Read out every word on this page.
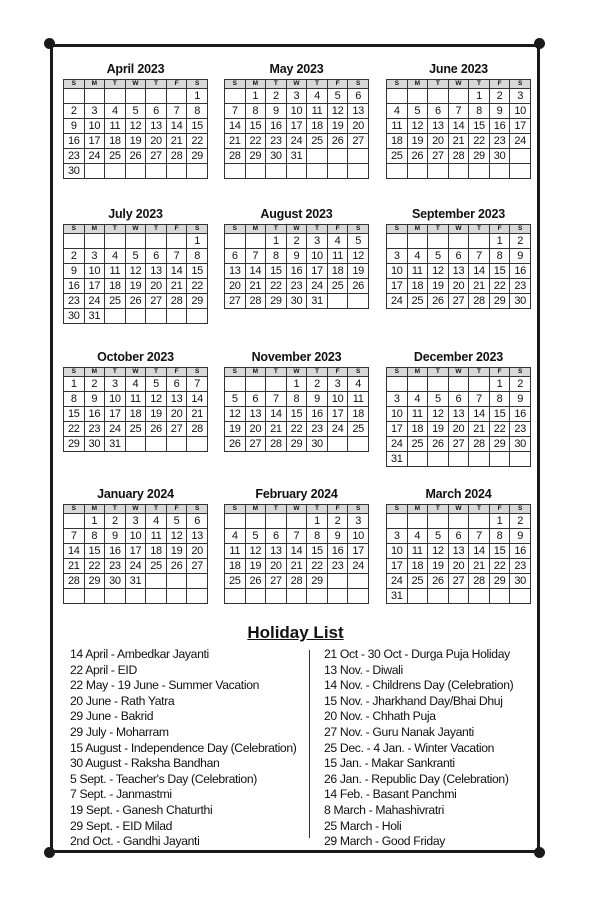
April 2023
S	M	T	W	T	F	S
						1
2	3	4	5	6	7	8
9	10	11	12	13	14	15
16	17	18	19	20	21	22
23	24	25	26	27	28	29
30						
May 2023
S	M	T	W	T	F	S
	1	2	3	4	5	6
7	8	9	10	11	12	13
14	15	16	17	18	19	20
21	22	23	24	25	26	27
28	29	30	31			

June 2023
S	M	T	W	T	F	S
				1	2	3
4	5	6	7	8	9	10
11	12	13	14	15	16	17
18	19	20	21	22	23	24
25	26	27	28	29	30	

July 2023
S	M	T	W	T	F	S
						1
2	3	4	5	6	7	8
9	10	11	12	13	14	15
16	17	18	19	20	21	22
23	24	25	26	27	28	29
30	31					
August 2023
S	M	T	W	T	F	S
		1	2	3	4	5
6	7	8	9	10	11	12
13	14	15	16	17	18	19
20	21	22	23	24	25	26
27	28	29	30	31		
September 2023
S	M	T	W	T	F	S
					1	2
3	4	5	6	7	8	9
10	11	12	13	14	15	16
17	18	19	20	21	22	23
24	25	26	27	28	29	30
October 2023
S	M	T	W	T	F	S
1	2	3	4	5	6	7
8	9	10	11	12	13	14
15	16	17	18	19	20	21
22	23	24	25	26	27	28
29	30	31				
November 2023
S	M	T	W	T	F	S
			1	2	3	4
5	6	7	8	9	10	11
12	13	14	15	16	17	18
19	20	21	22	23	24	25
26	27	28	29	30		
December 2023
S	M	T	W	T	F	S
					1	2
3	4	5	6	7	8	9
10	11	12	13	14	15	16
17	18	19	20	21	22	23
24	25	26	27	28	29	30
31						
January 2024
S	M	T	W	T	F	S
	1	2	3	4	5	6
7	8	9	10	11	12	13
14	15	16	17	18	19	20
21	22	23	24	25	26	27
28	29	30	31			

February 2024
S	M	T	W	T	F	S
				1	2	3
4	5	6	7	8	9	10
11	12	13	14	15	16	17
18	19	20	21	22	23	24
25	26	27	28	29		

March 2024
S	M	T	W	T	F	S
					1	2
3	4	5	6	7	8	9
10	11	12	13	14	15	16
17	18	19	20	21	22	23
24	25	26	27	28	29	30
31						
Holiday List
14 April - Ambedkar Jayanti
22 April - EID
22 May - 19 June - Summer Vacation
20 June - Rath Yatra
29 June - Bakrid
29 July - Moharram
15 August - Independence Day (Celebration)
30 August - Raksha Bandhan
5 Sept. - Teacher's Day (Celebration)
7 Sept. - Janmastmi
19 Sept. - Ganesh Chaturthi
29 Sept. - EID Milad
2nd Oct. - Gandhi Jayanti
21 Oct - 30 Oct - Durga Puja Holiday
13 Nov. - Diwali
14 Nov. - Childrens Day (Celebration)
15 Nov. - Jharkhand Day/Bhai Dhuj
20 Nov. - Chhath Puja
27 Nov. - Guru Nanak Jayanti
25 Dec. - 4 Jan. - Winter Vacation
15 Jan. - Makar Sankranti
26 Jan. - Republic Day (Celebration)
14 Feb. - Basant Panchmi
8 March - Mahashivratri
25 March - Holi
29 March - Good Friday
